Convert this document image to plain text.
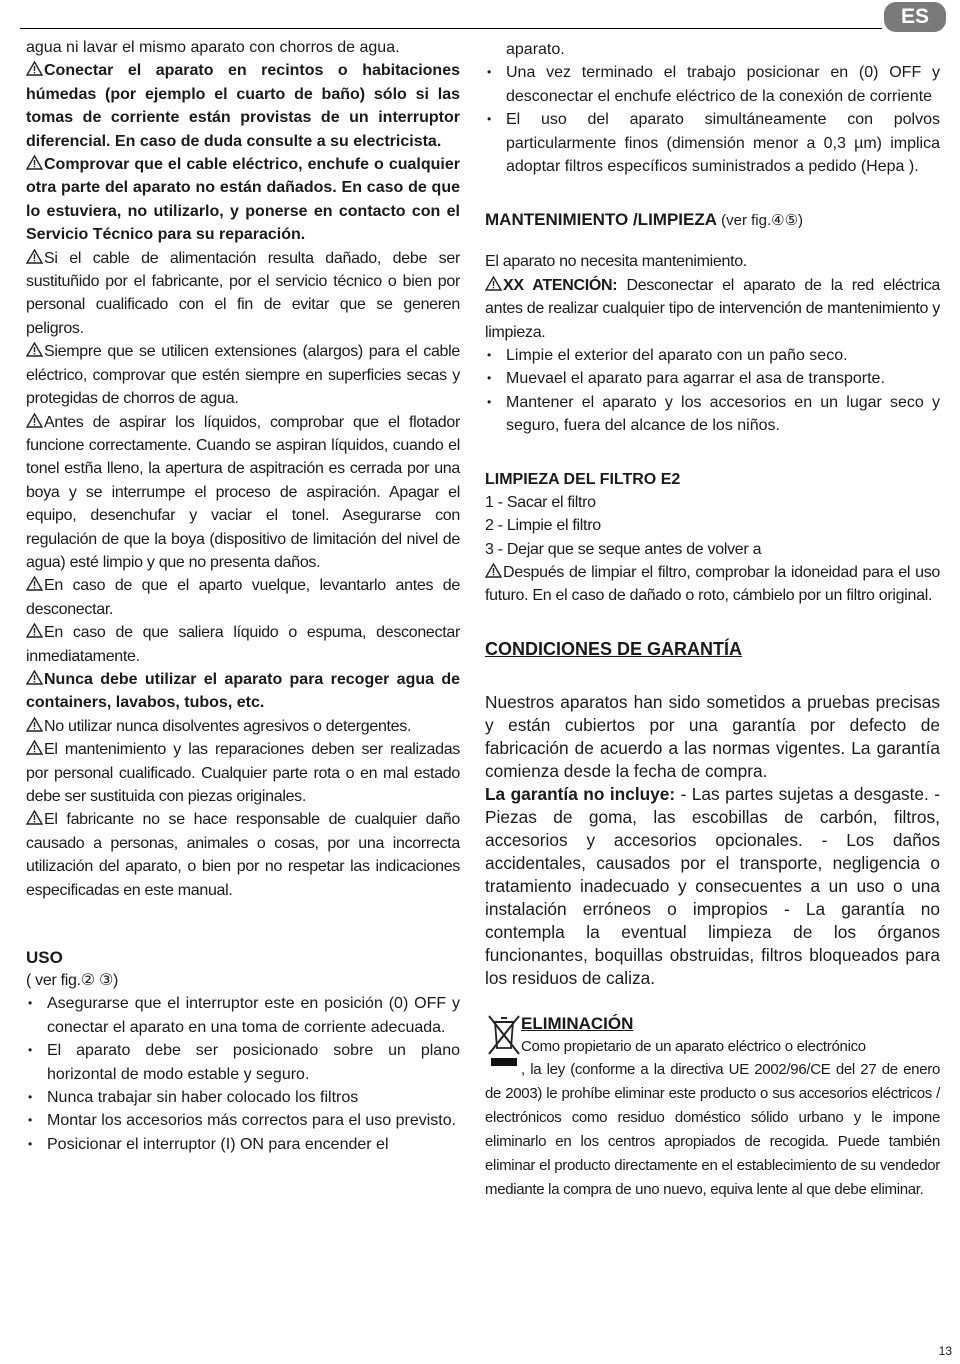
ES

agua ni lavar el mismo aparato con chorros de agua.

Conectar el aparato en recintos o habitaciones húmedas (por ejemplo el cuarto de baño) sólo si las tomas de corriente están provistas de un interruptor diferencial. En caso de duda consulte a su electricista.

Comprovar que el cable eléctrico, enchufe o cualquier otra parte del aparato no están dañados. En caso de que lo estuviera, no utilizarlo, y ponerse en contacto con el Servicio Técnico para su reparación.

Si el cable de alimentación resulta dañado, debe ser sustituñido por el fabricante, por el servicio técnico o bien por personal cualificado con el fin de evitar que se generen peligros.

Siempre que se utilicen extensiones (alargos) para el cable eléctrico, comprovar que estén siempre en superficies secas y protegidas de chorros de agua.

Antes de aspirar los líquidos, comprobar que el flotador funcione correctamente. Cuando se aspiran líquidos, cuando el tonel estña lleno, la apertura de aspitración es cerrada por una boya y se interrumpe el proceso de aspiración. Apagar el equipo, desenchufar y vaciar el tonel. Asegurarse con regulación de que la boya (dispositivo de limitación del nivel de agua) esté limpio y que no presenta daños.

En caso de que el aparto vuelque, levantarlo antes de desconectar.

En caso de que saliera líquido o espuma, desconectar inmediatamente.

Nunca debe utilizar el aparato para recoger agua de containers, lavabos, tubos, etc.

No utilizar nunca disolventes agresivos o detergentes.

El mantenimiento y las reparaciones deben ser realizadas por personal cualificado. Cualquier parte rota o en mal estado debe ser sustituida con piezas originales.

El fabricante no se hace responsable de cualquier daño causado a personas, animales o cosas, por una incorrecta utilización del aparato, o bien por no respetar las indicaciones especificadas en este manual.

USO

( ver fig.② ③)

• Asegurarse que el interruptor este en posición (0) OFF y conectar el aparato en una toma de corriente adecuada.
• El aparato debe ser posicionado sobre un plano horizontal de modo estable y seguro.
• Nunca trabajar sin haber colocado los filtros
• Montar los accesorios más correctos para el uso previsto.
• Posicionar el interruptor (I) ON para encender el

aparato.

• Una vez terminado el trabajo posicionar en (0) OFF y desconectar el enchufe eléctrico de la conexión de corriente
• El uso del aparato simultáneamente con polvos particularmente finos (dimensión menor a 0,3 µm) implica adoptar filtros específicos suministrados a pedido (Hepa ).

MANTENIMIENTO /LIMPIEZA (ver fig.④⑤)

El aparato no necesita mantenimiento.

XX ATENCIÓN: Desconectar el aparato de la red eléctrica antes de realizar cualquier tipo de intervención de mantenimiento y limpieza.

• Limpie el exterior del aparato con un paño seco.
• Muevael el aparato para agarrar el asa de transporte.
• Mantener el aparato y los accesorios en un lugar seco y seguro, fuera del alcance de los niños.

LIMPIEZA DEL FILTRO E2

1 - Sacar el filtro

2 - Limpie el filtro

3 - Dejar que se seque antes de volver a

Después de limpiar el filtro, comprobar la idoneidad para el uso futuro. En el caso de dañado o roto, cámbielo por un filtro original.

CONDICIONES DE GARANTÍA

Nuestros aparatos han sido sometidos a pruebas precisas y están cubiertos por una garantía por defecto de fabricación de acuerdo a las normas vigentes. La garantía comienza desde la fecha de compra.

La garantía no incluye: - Las partes sujetas a desgaste. - Piezas de goma, las escobillas de carbón, filtros, accesorios y accesorios opcionales. - Los daños accidentales, causados por el transporte, negligencia o tratamiento inadecuado y consecuentes a un uso o una instalación erróneos o impropios - La garantía no contempla la eventual limpieza de los órganos funcionantes, boquillas obstruidas, filtros bloqueados para los residuos de caliza.

ELIMINACIÓN

Como propietario de un aparato eléctrico o electrónico

, la ley (conforme a la directiva UE 2002/96/CE del 27 de enero de 2003) le prohíbe eliminar este producto o sus accesorios eléctricos / electrónicos como residuo doméstico sólido urbano y le impone eliminarlo en los centros apropiados de recogida. Puede también eliminar el producto directamente en el establecimiento de su vendedor mediante la compra de uno nuevo, equiva lente al que debe eliminar.

13
